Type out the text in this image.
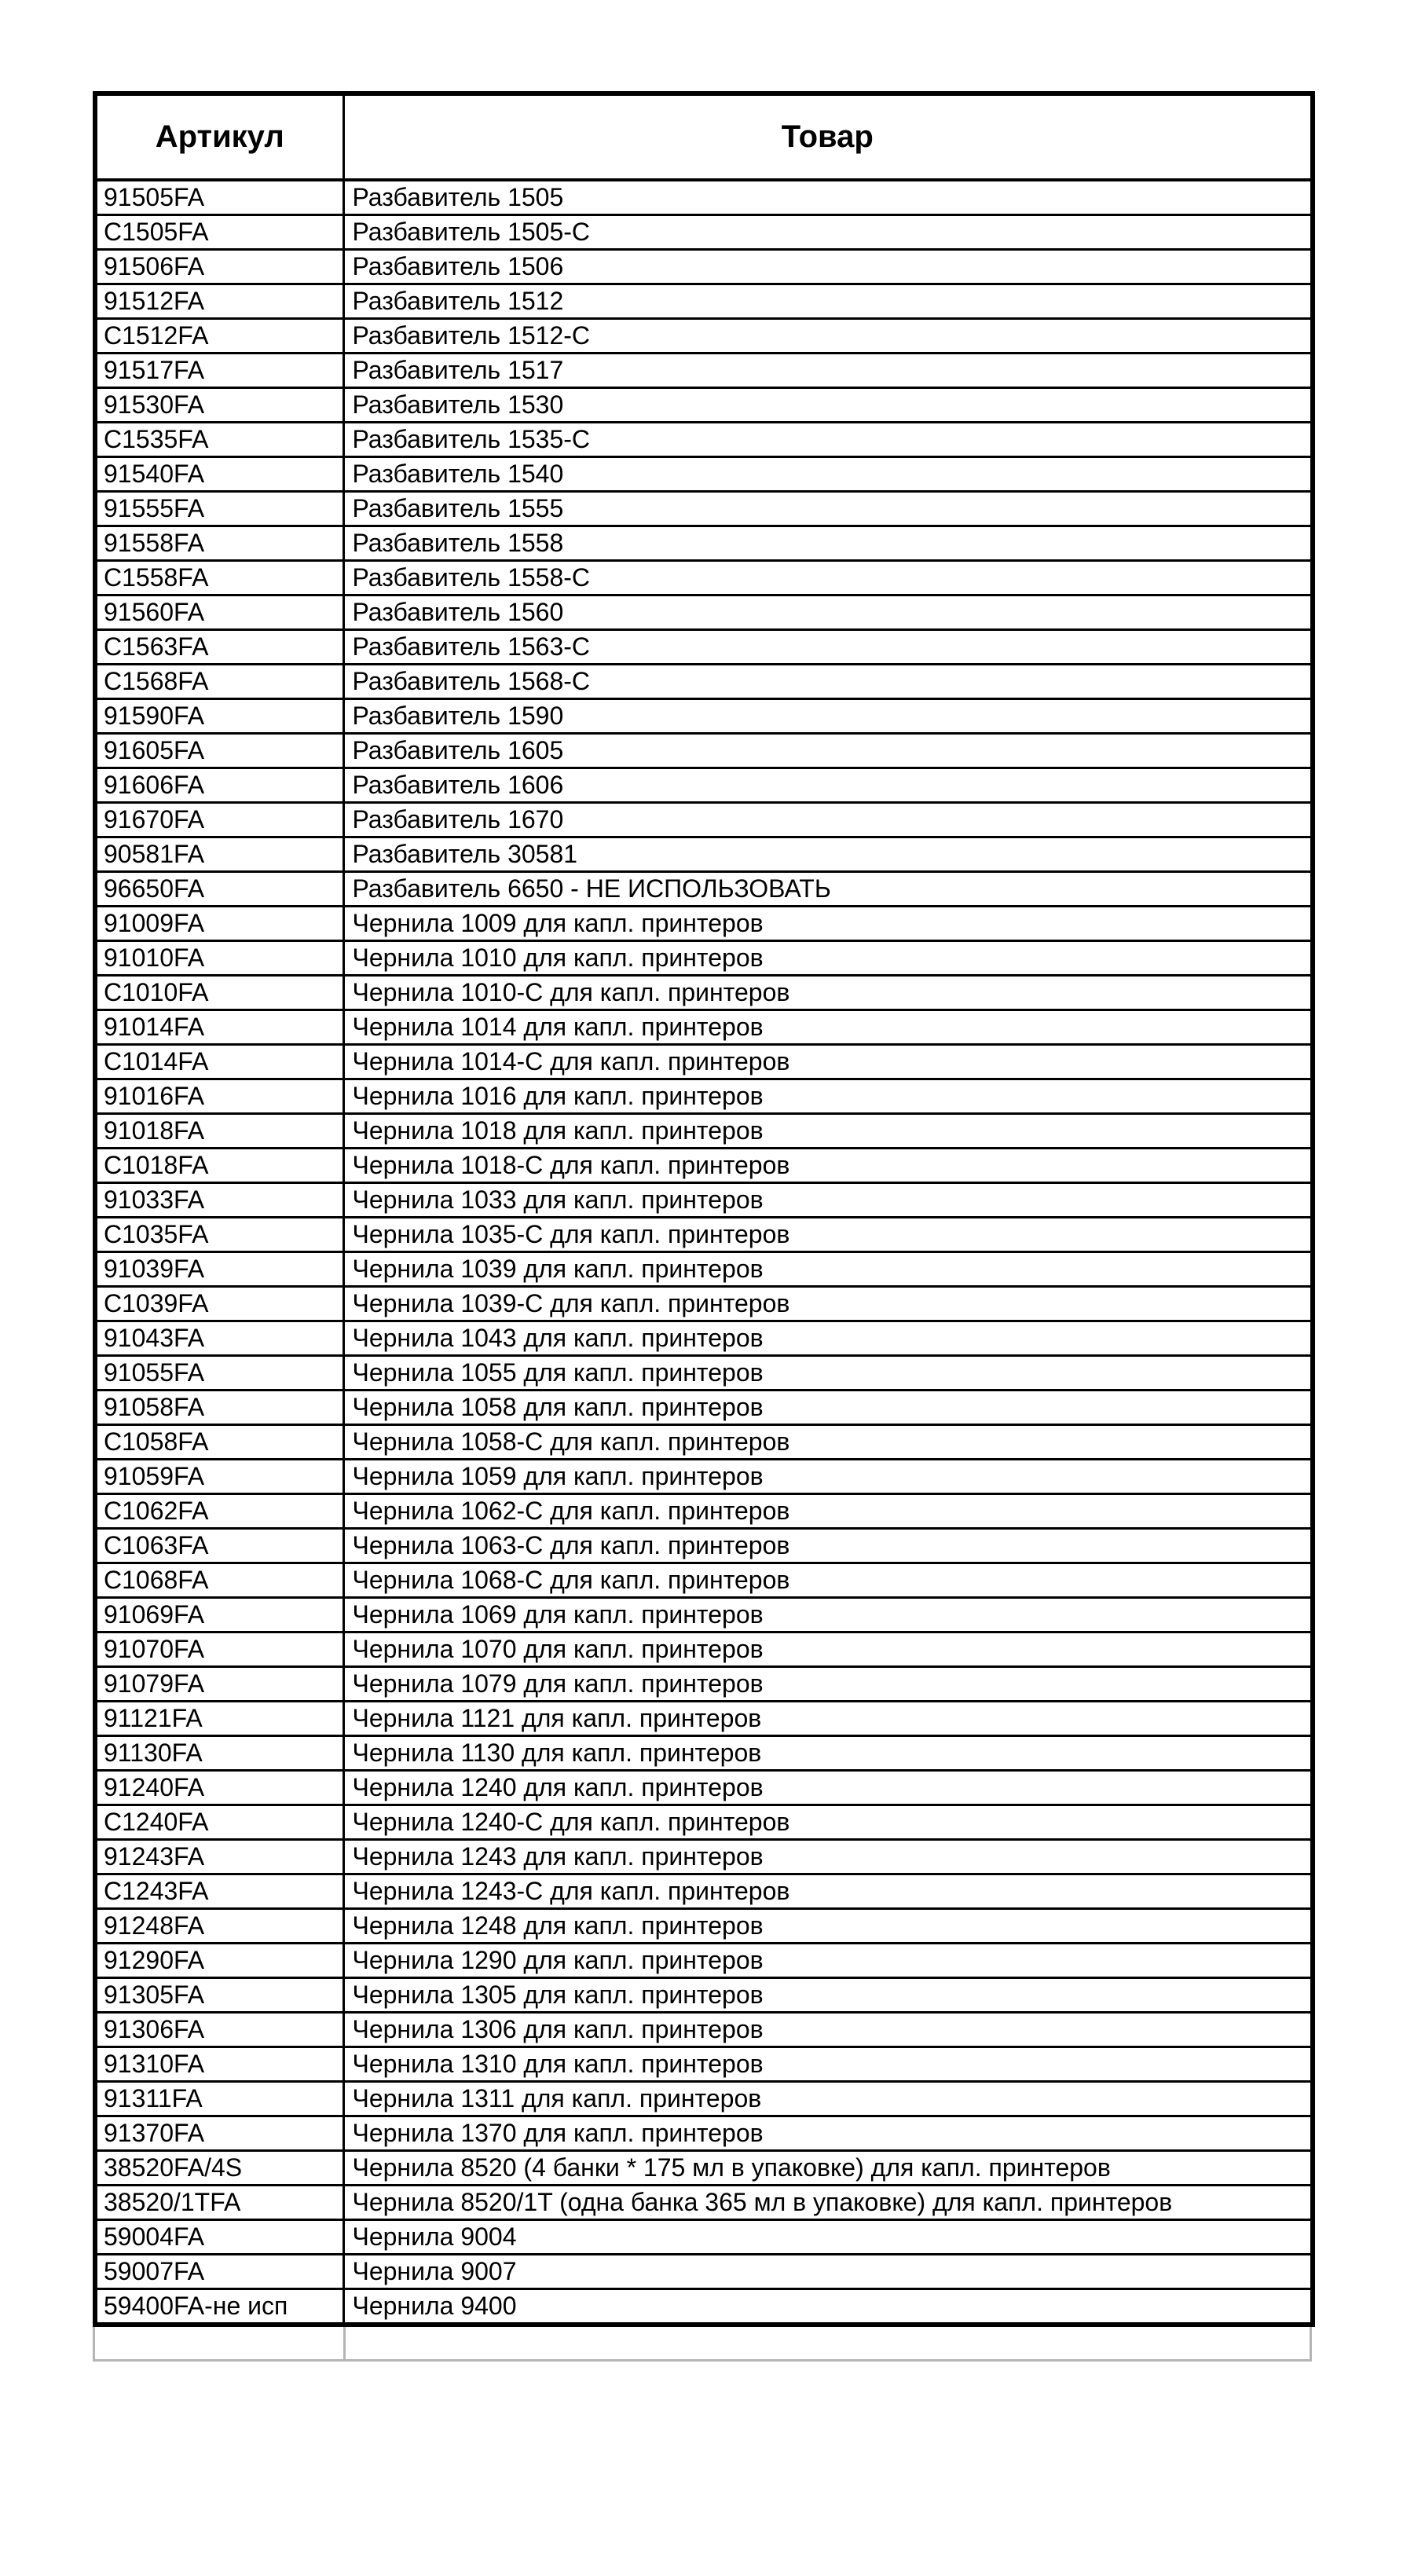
Артикул	Товар
91505FA	Разбавитель 1505
C1505FA	Разбавитель 1505-С
91506FA	Разбавитель 1506
91512FA	Разбавитель 1512
C1512FA	Разбавитель 1512-С
91517FA	Разбавитель 1517
91530FA	Разбавитель 1530
C1535FA	Разбавитель 1535-С
91540FA	Разбавитель 1540
91555FA	Разбавитель 1555
91558FA	Разбавитель 1558
C1558FA	Разбавитель 1558-С
91560FA	Разбавитель 1560
C1563FA	Разбавитель 1563-С
C1568FA	Разбавитель 1568-С
91590FA	Разбавитель 1590
91605FA	Разбавитель 1605
91606FA	Разбавитель 1606
91670FA	Разбавитель 1670
90581FA	Разбавитель 30581
96650FA	Разбавитель 6650 - НЕ ИСПОЛЬЗОВАТЬ
91009FA	Чернила 1009 для капл. принтеров
91010FA	Чернила 1010 для капл. принтеров
C1010FA	Чернила 1010-С для капл. принтеров
91014FA	Чернила 1014 для капл. принтеров
C1014FA	Чернила 1014-С для капл. принтеров
91016FA	Чернила 1016 для капл. принтеров
91018FA	Чернила 1018 для капл. принтеров
C1018FA	Чернила 1018-С для капл. принтеров
91033FA	Чернила 1033 для капл. принтеров
C1035FA	Чернила 1035-С для капл. принтеров
91039FA	Чернила 1039 для капл. принтеров
C1039FA	Чернила 1039-С для капл. принтеров
91043FA	Чернила 1043 для капл. принтеров
91055FA	Чернила 1055 для капл. принтеров
91058FA	Чернила 1058 для капл. принтеров
C1058FA	Чернила 1058-С для капл. принтеров
91059FA	Чернила 1059 для капл. принтеров
C1062FA	Чернила 1062-С для капл. принтеров
C1063FA	Чернила 1063-С для капл. принтеров
C1068FA	Чернила 1068-С для капл. принтеров
91069FA	Чернила 1069 для капл. принтеров
91070FA	Чернила 1070 для капл. принтеров
91079FA	Чернила 1079 для капл. принтеров
91121FA	Чернила 1121 для капл. принтеров
91130FA	Чернила 1130 для капл. принтеров
91240FA	Чернила 1240 для капл. принтеров
C1240FA	Чернила 1240-С для капл. принтеров
91243FA	Чернила 1243 для капл. принтеров
C1243FA	Чернила 1243-С для капл. принтеров
91248FA	Чернила 1248 для капл. принтеров
91290FA	Чернила 1290 для капл. принтеров
91305FA	Чернила 1305 для капл. принтеров
91306FA	Чернила 1306 для капл. принтеров
91310FA	Чернила 1310 для капл. принтеров
91311FA	Чернила 1311 для капл. принтеров
91370FA	Чернила 1370 для капл. принтеров
38520FA/4S	Чернила 8520 (4 банки * 175 мл в упаковке) для капл. принтеров
38520/1TFA	Чернила 8520/1T (одна банка 365 мл в упаковке) для капл. принтеров
59004FA	Чернила 9004
59007FA	Чернила 9007
59400FA-не исп	Чернила 9400
